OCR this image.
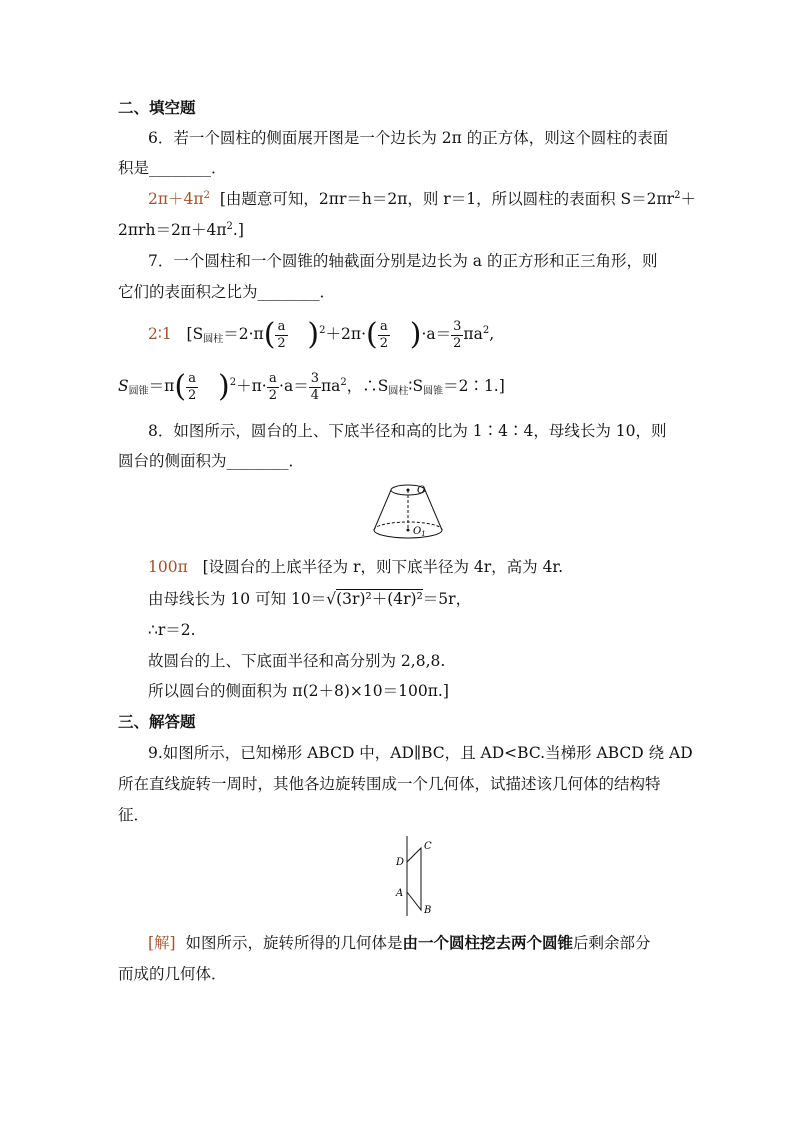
二、填空题
6．若一个圆柱的侧面展开图是一个边长为 2π 的正方体，则这个圆柱的表面
积是________．
$2\pi+4\pi^2$ [由题意可知，2πr＝h＝2π，则 r＝1，所以圆柱的表面积 $S=2\pi r^2+$
$2\pi rh=2\pi+4\pi^2$.]
7．一个圆柱和一个圆锥的轴截面分别是边长为 a 的正方形和正三角形，则
它们的表面积之比为________．
2∶1 [S圆柱$=2\cdot\pi( \frac{a}{2} )^2+2\pi\cdot( \frac{a}{2} )\cdot a= \frac{3}{2} \pi a^2$,
S圆锥$=\pi( \frac{a}{2} )^2+\pi\cdot \frac{a}{2} \cdot a= \frac{3}{4} \pi a^2$，∴S圆柱∶S圆锥＝2∶1.]
8．如图所示，圆台的上、下底半径和高的比为 1∶4∶4，母线长为 10，则
圆台的侧面积为________．
O
$O_1$
100π [设圆台的上底半径为 r，则下底半径为 4r，高为 4r.
由母线长为 10 可知 10＝√(3r)²＋(4r)²＝5r，
∴r＝2.
故圆台的上、下底面半径和高分别为 2,8,8.
所以圆台的侧面积为 π(2＋8)×10＝100π.]
三、解答题
9.如图所示，已知梯形 ABCD 中，AD∥BC，且 AD<BC.当梯形 ABCD 绕 AD
所在直线旋转一周时，其他各边旋转围成一个几何体，试描述该几何体的结构特
征．
D
A
C
B
[解] 如图所示，旋转所得的几何体是由一个圆柱挖去两个圆锥后剩余部分
而成的几何体．
